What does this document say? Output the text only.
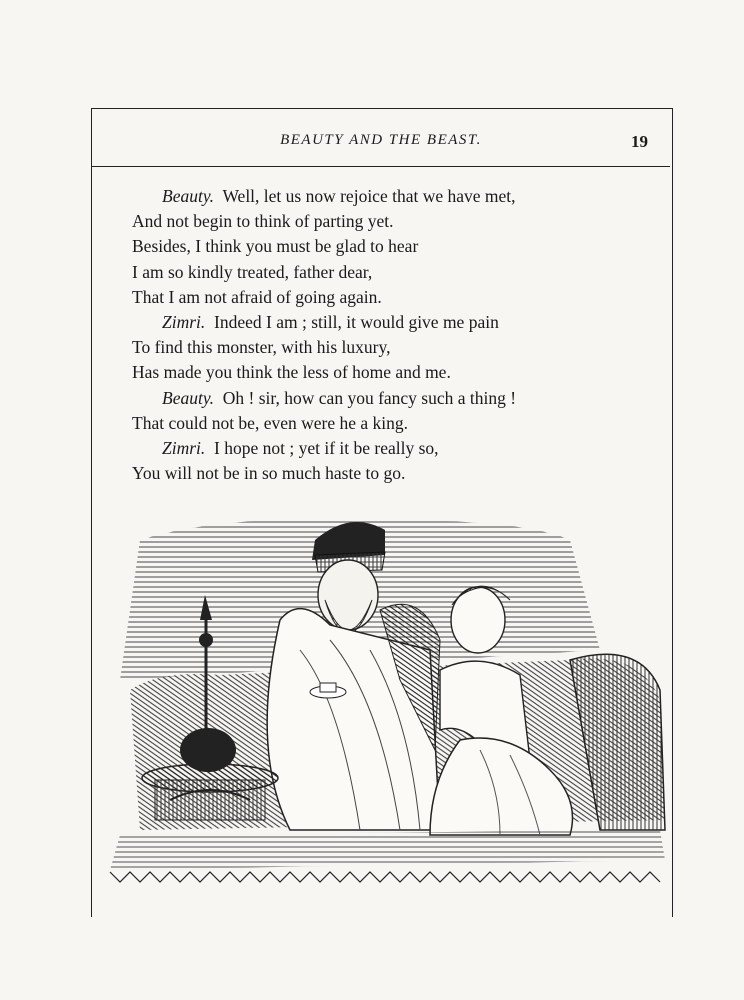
BEAUTY AND THE BEAST.	19
Beauty. Well, let us now rejoice that we have met,
And not begin to think of parting yet.
Besides, I think you must be glad to hear
I am so kindly treated, father dear,
That I am not afraid of going again.
Zimri. Indeed I am ; still, it would give me pain
To find this monster, with his luxury,
Has made you think the less of home and me.
Beauty. Oh ! sir, how can you fancy such a thing !
That could not be, even were he a king.
Zimri. I hope not ; yet if it be really so,
You will not be in so much haste to go.
